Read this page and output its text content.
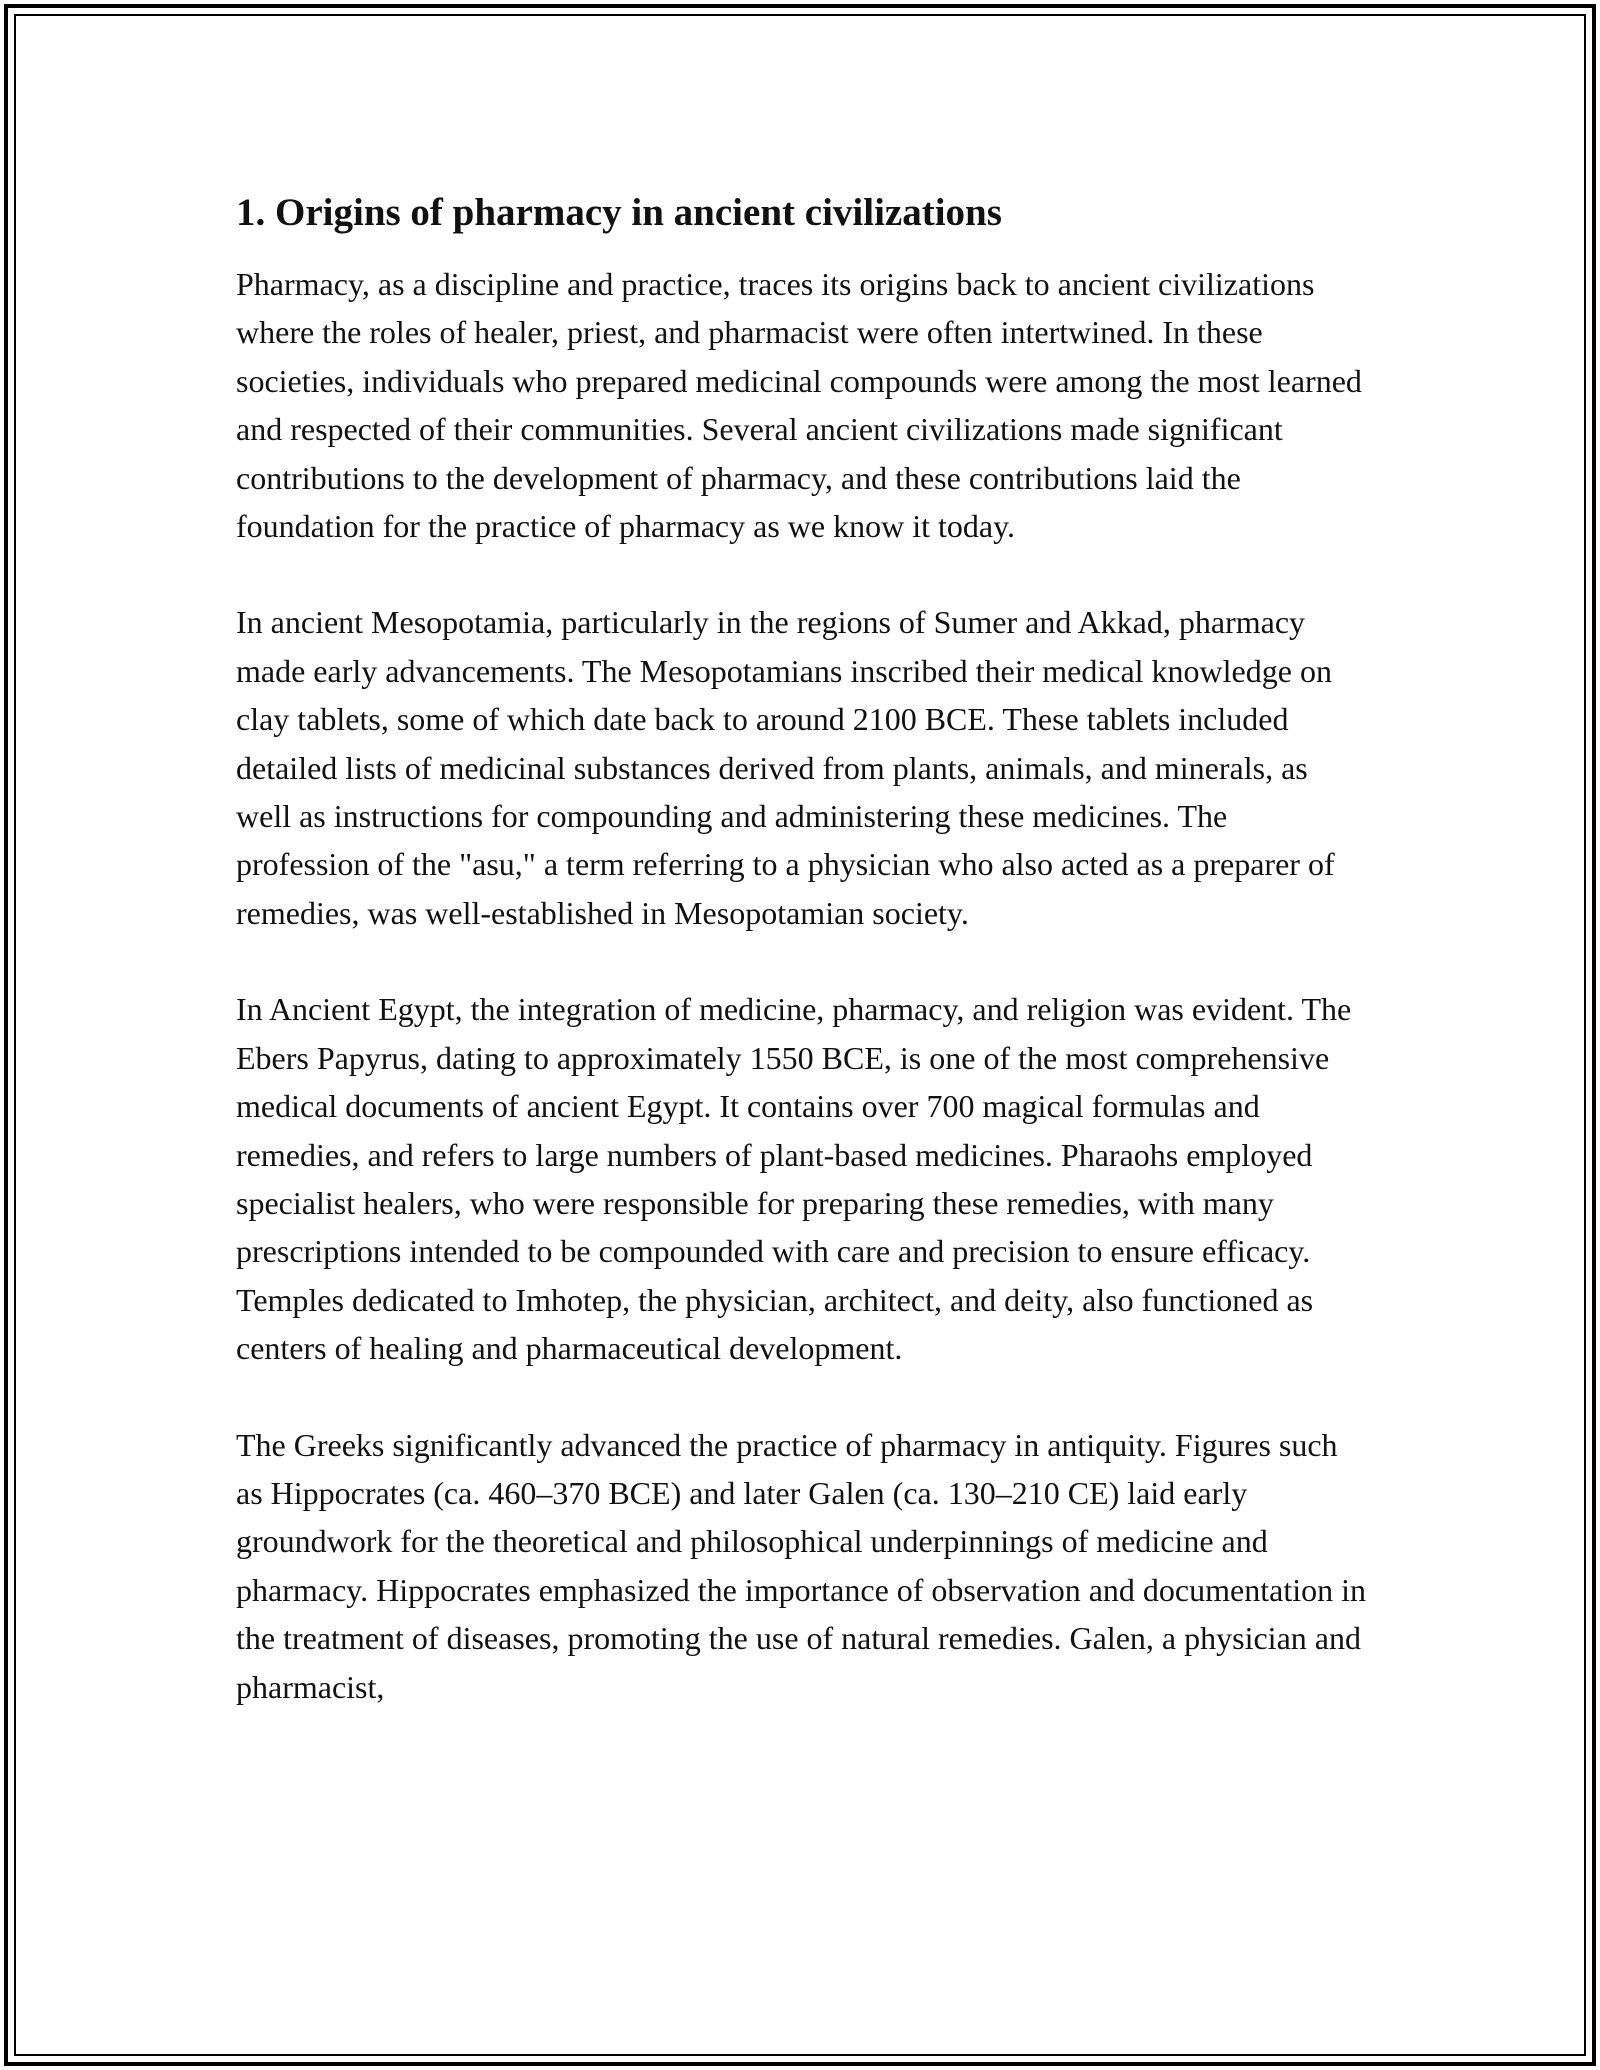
1. Origins of pharmacy in ancient civilizations

Pharmacy, as a discipline and practice, traces its origins back to ancient civilizations where the roles of healer, priest, and pharmacist were often intertwined. In these societies, individuals who prepared medicinal compounds were among the most learned and respected of their communities. Several ancient civilizations made significant contributions to the development of pharmacy, and these contributions laid the foundation for the practice of pharmacy as we know it today.

In ancient Mesopotamia, particularly in the regions of Sumer and Akkad, pharmacy made early advancements. The Mesopotamians inscribed their medical knowledge on clay tablets, some of which date back to around 2100 BCE. These tablets included detailed lists of medicinal substances derived from plants, animals, and minerals, as well as instructions for compounding and administering these medicines. The profession of the "asu," a term referring to a physician who also acted as a preparer of remedies, was well-established in Mesopotamian society.

In Ancient Egypt, the integration of medicine, pharmacy, and religion was evident. The Ebers Papyrus, dating to approximately 1550 BCE, is one of the most comprehensive medical documents of ancient Egypt. It contains over 700 magical formulas and remedies, and refers to large numbers of plant-based medicines. Pharaohs employed specialist healers, who were responsible for preparing these remedies, with many prescriptions intended to be compounded with care and precision to ensure efficacy. Temples dedicated to Imhotep, the physician, architect, and deity, also functioned as centers of healing and pharmaceutical development.

The Greeks significantly advanced the practice of pharmacy in antiquity. Figures such as Hippocrates (ca. 460–370 BCE) and later Galen (ca. 130–210 CE) laid early groundwork for the theoretical and philosophical underpinnings of medicine and pharmacy. Hippocrates emphasized the importance of observation and documentation in the treatment of diseases, promoting the use of natural remedies. Galen, a physician and pharmacist,
